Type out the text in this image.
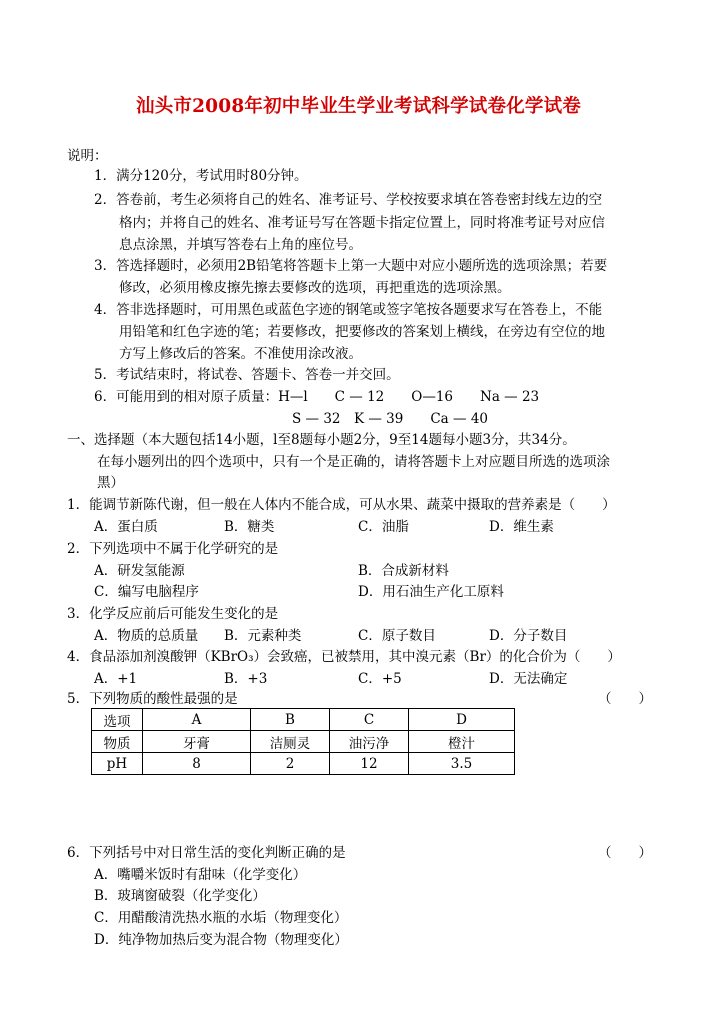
汕头市2008年初中毕业生学业考试科学试卷化学试卷
说明：
1．满分120分，考试用时80分钟。
2．答卷前，考生必须将自己的姓名、准考证号、学校按要求填在答卷密封线左边的空
格内；并将自己的姓名、准考证号写在答题卡指定位置上，同时将准考证号对应信
息点涂黑，并填写答卷右上角的座位号。
3．答选择题时，必须用2B铅笔将答题卡上第一大题中对应小题所选的选项涂黑；若要
修改，必须用橡皮擦先擦去要修改的选项，再把重选的选项涂黑。
4．答非选择题时，可用黑色或蓝色字迹的钢笔或签字笔按各题要求写在答卷上，不能
用铅笔和红色字迹的笔；若要修改，把要修改的答案划上横线，在旁边有空位的地
方写上修改后的答案。不准使用涂改液。
5．考试结束时，将试卷、答题卡、答卷一并交回。
6．可能用到的相对原子质量：H—l　　C — 12　　O—16　　Na — 23
S — 32　K — 39　　Ca — 40
一、选择题（本大题包括14小题，l至8题每小题2分，9至14题每小题3分，共34分。
在每小题列出的四个选项中，只有一个是正确的，请将答题卡上对应题目所选的选项涂
黑）
1．能调节新陈代谢，但一般在人体内不能合成，可从水果、蔬菜中摄取的营养素是（　　）
A．蛋白质	B．糖类	C．油脂	D．维生素
2．下列选项中不属于化学研究的是
A．研发氢能源	B．合成新材料
C．编写电脑程序	D．用石油生产化工原料
3．化学反应前后可能发生变化的是
A．物质的总质量 B．元素种类	C．原子数目	D．分子数目
4．食品添加剂溴酸钾（KBrO₃）会致癌，已被禁用，其中溴元素（Br）的化合价为（　　）
A．+1	B．+3	C．+5	D．无法确定
5．下列物质的酸性最强的是	（　　）
选项	A	B	C	D
物质	牙膏	洁厕灵	油污净	橙汁
pH	8	2	12	3.5
6．下列括号中对日常生活的变化判断正确的是	（　　）
A．嘴嚼米饭时有甜味（化学变化）
B．玻璃窗破裂（化学变化）
C．用醋酸清洗热水瓶的水垢（物理变化）
D．纯净物加热后变为混合物（物理变化）
